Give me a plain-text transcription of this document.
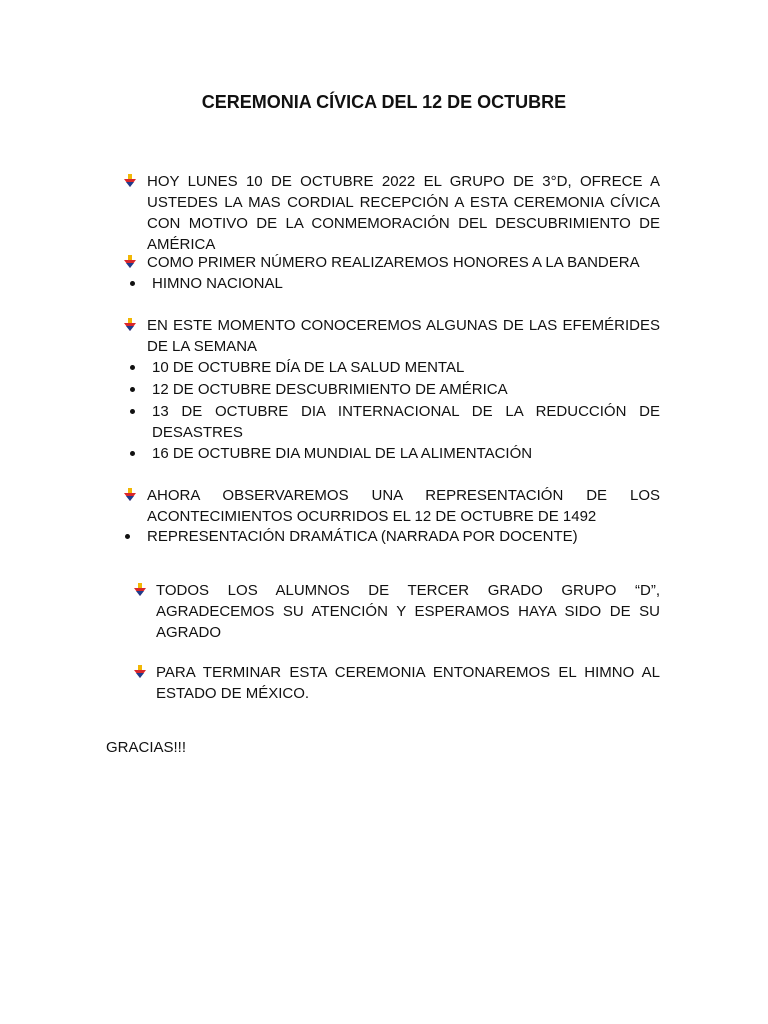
CEREMONIA CÍVICA DEL 12 DE OCTUBRE
HOY LUNES 10 DE OCTUBRE 2022 EL GRUPO DE 3°D, OFRECE A USTEDES LA MAS CORDIAL RECEPCIÓN A ESTA CEREMONIA CÍVICA CON MOTIVO DE LA CONMEMORACIÓN DEL DESCUBRIMIENTO DE AMÉRICA
COMO PRIMER NÚMERO REALIZAREMOS HONORES A LA BANDERA
HIMNO NACIONAL
EN ESTE MOMENTO CONOCEREMOS ALGUNAS DE LAS EFEMÉRIDES DE LA SEMANA
10 DE OCTUBRE DÍA DE LA SALUD MENTAL
12 DE OCTUBRE DESCUBRIMIENTO DE AMÉRICA
13 DE OCTUBRE DIA INTERNACIONAL DE LA REDUCCIÓN DE DESASTRES
16 DE OCTUBRE DIA MUNDIAL DE LA ALIMENTACIÓN
AHORA OBSERVAREMOS UNA REPRESENTACIÓN DE LOS ACONTECIMIENTOS OCURRIDOS EL 12 DE OCTUBRE DE 1492
REPRESENTACIÓN DRAMÁTICA (NARRADA POR DOCENTE)
TODOS LOS ALUMNOS DE TERCER GRADO GRUPO “D”, AGRADECEMOS SU ATENCIÓN Y ESPERAMOS HAYA SIDO DE SU AGRADO
PARA TERMINAR ESTA CEREMONIA ENTONAREMOS EL HIMNO AL ESTADO DE MÉXICO.
GRACIAS!!!
